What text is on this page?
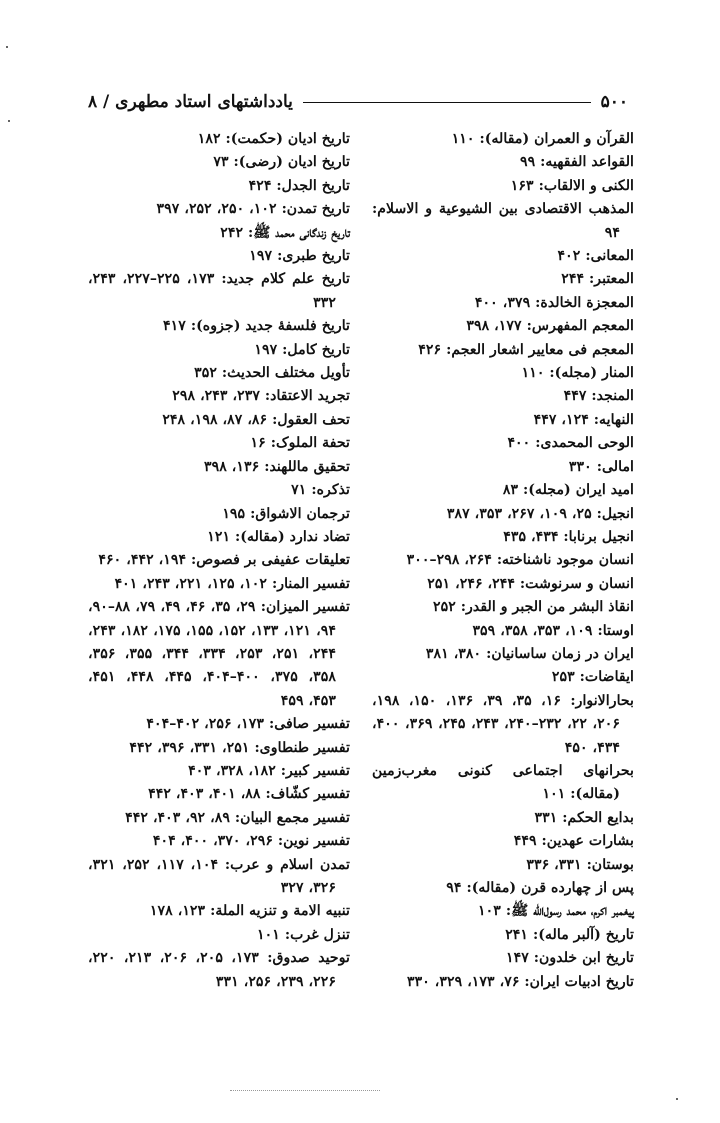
۵۰۰
یادداشتهای استاد مطهری / ۸
القرآن و العمران (مقاله): ۱۱۰
القواعد الفقهیه: ۹۹
الکنی و الالقاب: ۱۶۳
المذهب الاقتصادی بین الشیوعیة و الاسلام: ۹۴
المعانی: ۴۰۲
المعتبر: ۲۴۴
المعجزة الخالدة: ۳۷۹، ۴۰۰
المعجم المفهرس: ۱۷۷، ۳۹۸
المعجم فی معاییر اشعار العجم: ۴۲۶
المنار (مجله): ۱۱۰
المنجد: ۴۴۷
النهایه: ۱۲۴، ۴۴۷
الوحی المحمدی: ۴۰۰
امالی: ۳۳۰
امید ایران (مجله): ۸۳
انجیل: ۲۵، ۱۰۹، ۲۶۷، ۳۵۳، ۳۸۷
انجیل برنابا: ۴۳۴، ۴۳۵
انسان موجود ناشناخته: ۲۶۴، ۲۹۸–۳۰۰
انسان و سرنوشت: ۲۴۴، ۲۴۶، ۲۵۱
انقاذ البشر من الجبر و القدر: ۲۵۲
اوستا: ۱۰۹، ۳۵۳، ۳۵۸، ۳۵۹
ایران در زمان ساسانیان: ۳۸۰، ۳۸۱
ایقاضات: ۲۵۳
بحارالانوار: ۱۶، ۳۵، ۳۹، ۱۳۶، ۱۵۰، ۱۹۸، ۲۰۶، ۲۲، ۲۳۲–۲۴۰، ۲۴۳، ۲۴۵، ۳۶۹، ۴۰۰، ۴۳۴، ۴۵۰
بحرانهای اجتماعی کنونی مغرب‌زمین (مقاله): ۱۰۱
بدایع الحکم: ۳۳۱
بشارات عهدین: ۴۴۹
بوستان: ۳۳۱، ۳۳۶
پس از چهارده قرن (مقاله): ۹۴
پیغمبر اکرم، محمد رسول‌الله ﷺ: ۱۰۳
تاریخ (آلبر ماله): ۲۴۱
تاریخ ابن خلدون: ۱۴۷
تاریخ ادبیات ایران: ۷۶، ۱۷۳، ۳۲۹، ۳۳۰
تاریخ ادیان (حکمت): ۱۸۲
تاریخ ادیان (رضی): ۷۳
تاریخ الجدل: ۴۲۴
تاریخ تمدن: ۱۰۲، ۲۵۰، ۲۵۲، ۳۹۷
تاریخ زندگانی محمد ﷺ: ۲۴۲
تاریخ طبری: ۱۹۷
تاریخ علم کلام جدید: ۱۷۳، ۲۲۵–۲۲۷، ۲۴۳، ۳۳۲
تاریخ فلسفهٔ جدید (جزوه): ۴۱۷
تاریخ کامل: ۱۹۷
تأویل مختلف الحدیث: ۳۵۲
تجرید الاعتقاد: ۲۳۷، ۲۴۳، ۲۹۸
تحف العقول: ۸۶، ۸۷، ۱۹۸، ۲۴۸
تحفة الملوک: ۱۶
تحقیق ماللهند: ۱۳۶، ۳۹۸
تذکره: ۷۱
ترجمان الاشواق: ۱۹۵
تضاد ندارد (مقاله): ۱۲۱
تعلیقات عفیفی بر فصوص: ۱۹۴، ۴۴۲، ۴۶۰
تفسیر المنار: ۱۰۲، ۱۲۵، ۲۲۱، ۲۴۳، ۴۰۱
تفسیر المیزان: ۲۹، ۳۵، ۴۶، ۴۹، ۷۹، ۸۸–۹۰، ۹۴، ۱۲۱، ۱۳۳، ۱۵۲، ۱۵۵، ۱۷۵، ۱۸۲، ۲۴۳، ۲۴۴، ۲۵۱، ۲۵۳، ۳۳۴، ۳۴۴، ۳۵۵، ۳۵۶، ۳۵۸، ۳۷۵، ۴۰۰–۴۰۴، ۴۴۵، ۴۴۸، ۴۵۱، ۴۵۳، ۴۵۹
تفسیر صافی: ۱۷۳، ۲۵۶، ۴۰۲–۴۰۴
تفسیر طنطاوی: ۲۵۱، ۳۳۱، ۳۹۶، ۴۴۲
تفسیر کبیر: ۱۸۲، ۳۲۸، ۴۰۳
تفسیر کشّاف: ۸۸، ۴۰۱، ۴۰۳، ۴۴۲
تفسیر مجمع البیان: ۸۹، ۹۲، ۴۰۳، ۴۴۲
تفسیر نوین: ۲۹۶، ۳۷۰، ۴۰۰، ۴۰۴
تمدن اسلام و عرب: ۱۰۴، ۱۱۷، ۲۵۲، ۳۲۱، ۳۲۶، ۳۲۷
تنبیه الامة و تنزیه الملة: ۱۲۳، ۱۷۸
تنزل غرب: ۱۰۱
توحید صدوق: ۱۷۳، ۲۰۵، ۲۰۶، ۲۱۳، ۲۲۰، ۲۲۶، ۲۳۹، ۲۵۶، ۳۳۱
